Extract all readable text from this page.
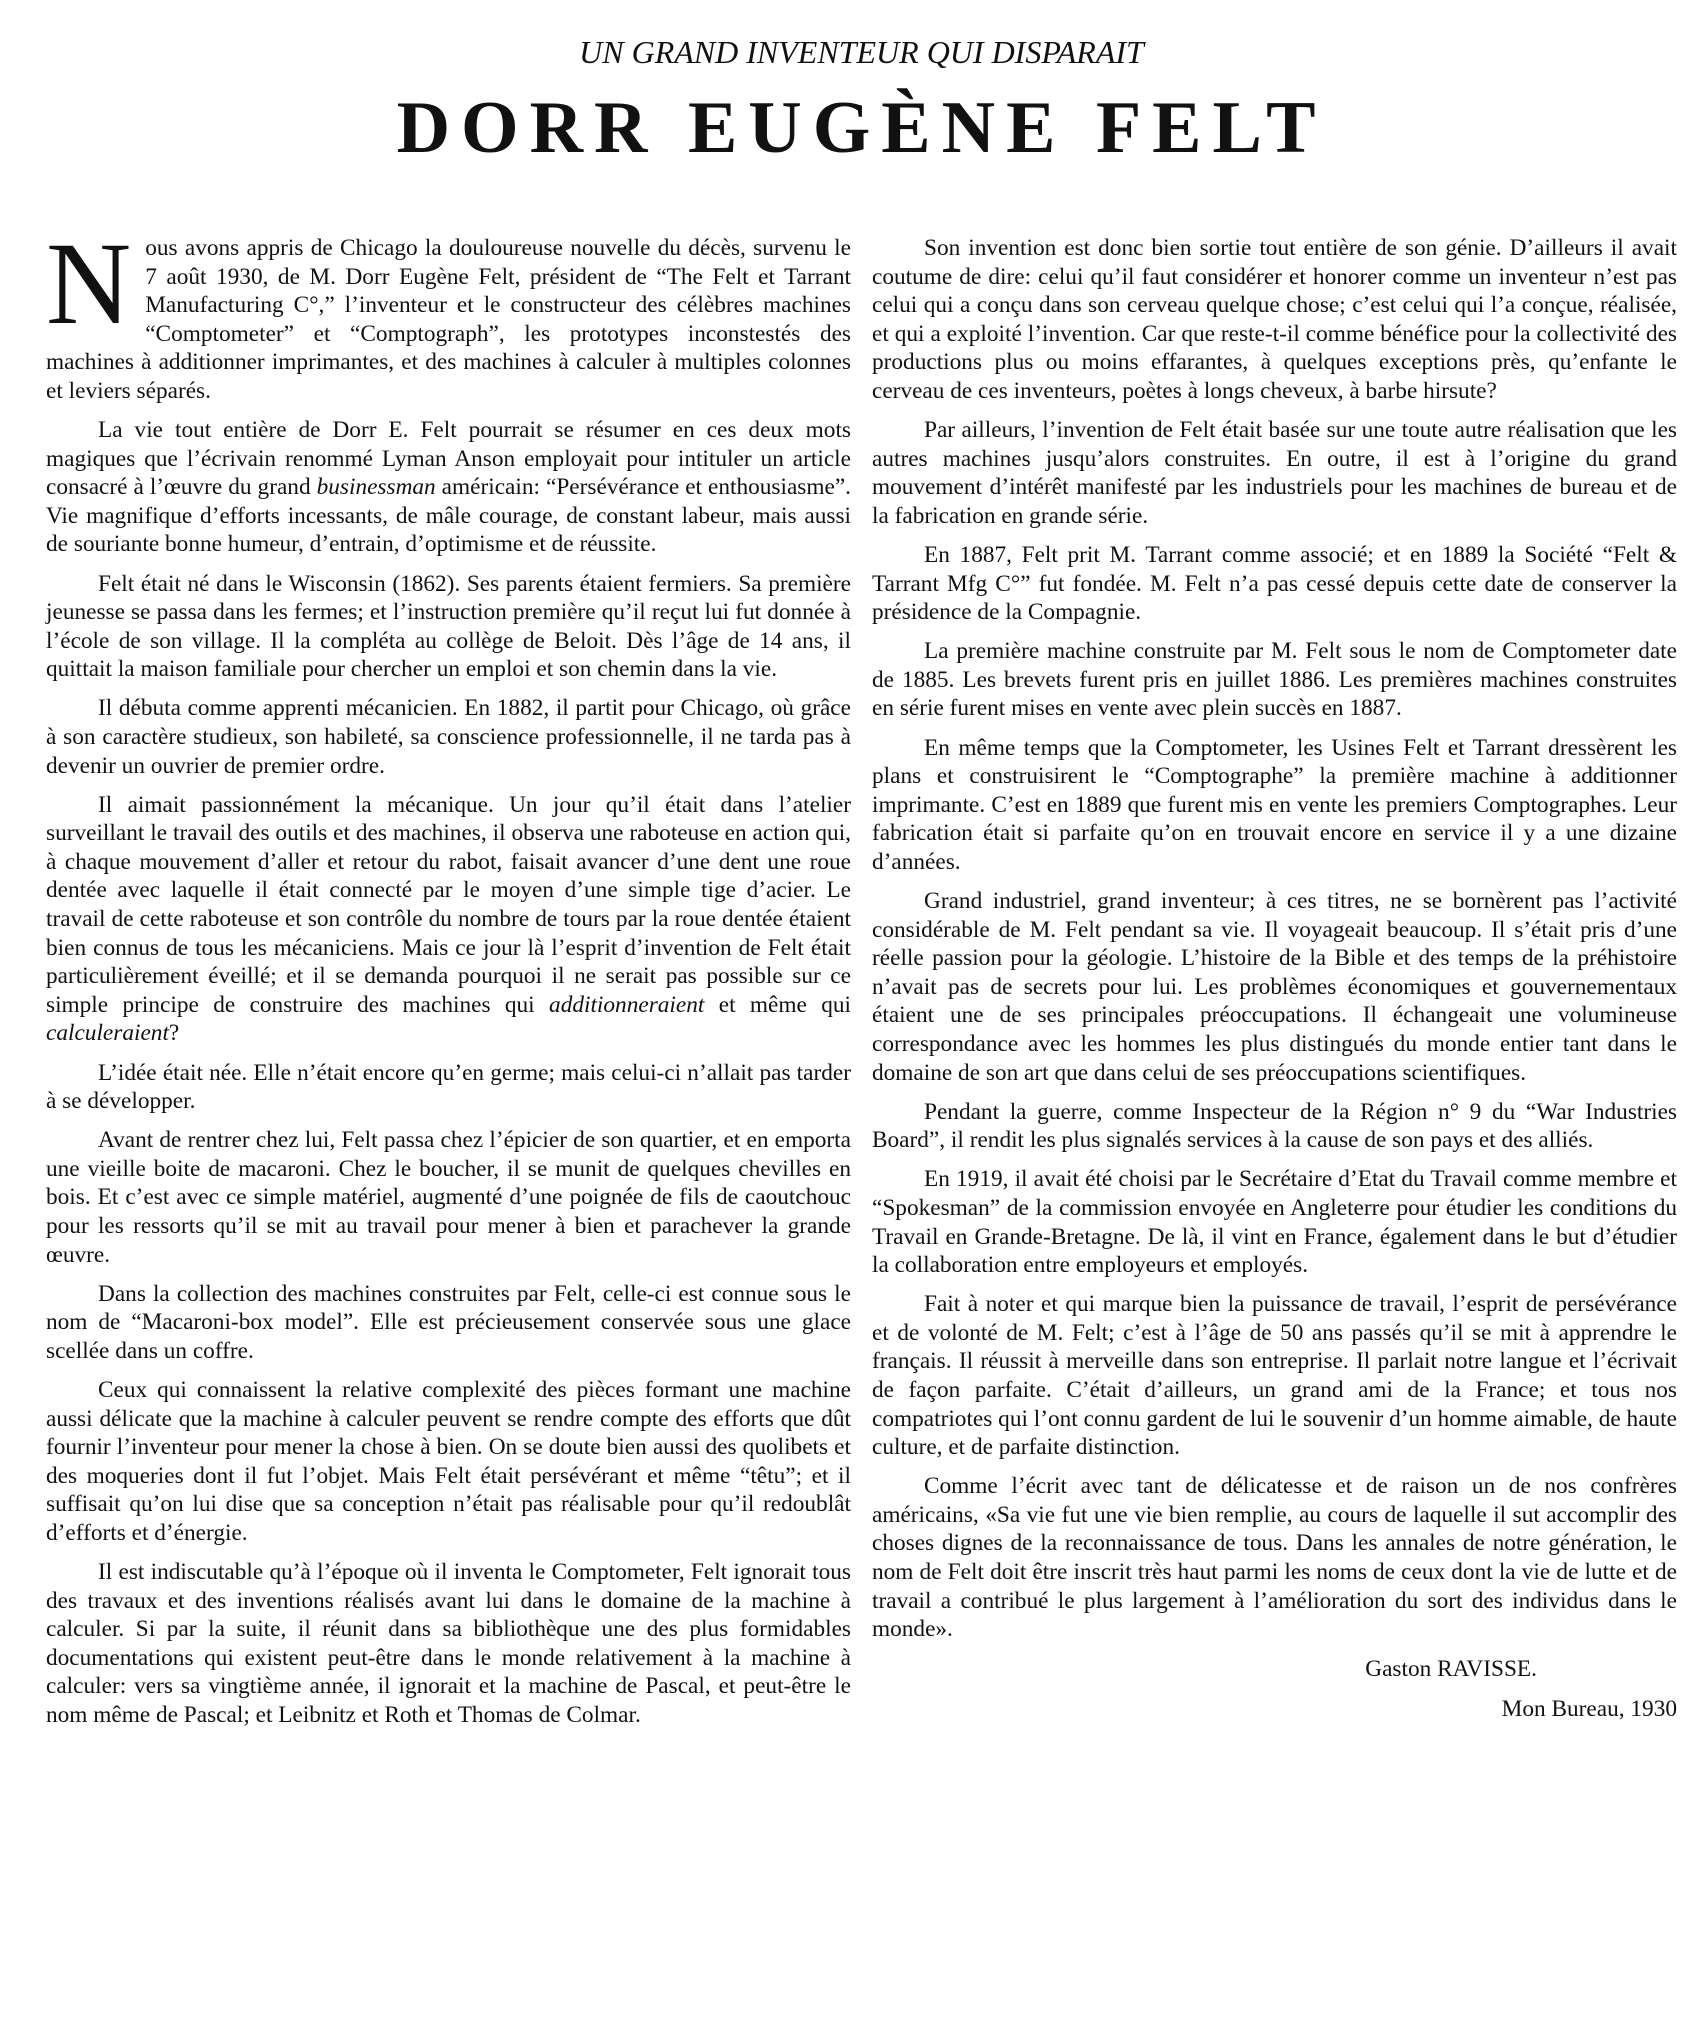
UN GRAND INVENTEUR QUI DISPARAIT
DORR EUGÈNE FELT

Nous avons appris de Chicago la douloureuse nouvelle du décès, survenu le 7 août 1930, de M. Dorr Eugène Felt, président de “The Felt et Tarrant Manufacturing C°,” l’inventeur et le constructeur des célèbres machines “Comptometer” et “Comptograph”, les prototypes inconstestés des machines à additionner imprimantes, et des machines à calculer à multiples colonnes et leviers séparés.

La vie tout entière de Dorr E. Felt pourrait se résumer en ces deux mots magiques que l’écrivain renommé Lyman Anson employait pour intituler un article consacré à l’œuvre du grand businessman américain: “Persévérance et enthousiasme”. Vie magnifique d’efforts incessants, de mâle courage, de constant labeur, mais aussi de souriante bonne humeur, d’entrain, d’optimisme et de réussite.

Felt était né dans le Wisconsin (1862). Ses parents étaient fermiers. Sa première jeunesse se passa dans les fermes; et l’instruction première qu’il reçut lui fut donnée à l’école de son village. Il la compléta au collège de Beloit. Dès l’âge de 14 ans, il quittait la maison familiale pour chercher un emploi et son chemin dans la vie.

Il débuta comme apprenti mécanicien. En 1882, il partit pour Chicago, où grâce à son caractère studieux, son habileté, sa conscience professionnelle, il ne tarda pas à devenir un ouvrier de premier ordre.

Il aimait passionnément la mécanique. Un jour qu’il était dans l’atelier surveillant le travail des outils et des machines, il observa une raboteuse en action qui, à chaque mouvement d’aller et retour du rabot, faisait avancer d’une dent une roue dentée avec laquelle il était connecté par le moyen d’une simple tige d’acier. Le travail de cette raboteuse et son contrôle du nombre de tours par la roue dentée étaient bien connus de tous les mécaniciens. Mais ce jour là l’esprit d’invention de Felt était particulièrement éveillé; et il se demanda pourquoi il ne serait pas possible sur ce simple principe de construire des machines qui additionneraient et même qui calculeraient?

L’idée était née. Elle n’était encore qu’en germe; mais celui-ci n’allait pas tarder à se développer.

Avant de rentrer chez lui, Felt passa chez l’épicier de son quartier, et en emporta une vieille boite de macaroni. Chez le boucher, il se munit de quelques chevilles en bois. Et c’est avec ce simple matériel, augmenté d’une poignée de fils de caoutchouc pour les ressorts qu’il se mit au travail pour mener à bien et parachever la grande œuvre.

Dans la collection des machines construites par Felt, celle-ci est connue sous le nom de “Macaroni-box model”. Elle est précieusement conservée sous une glace scellée dans un coffre.

Ceux qui connaissent la relative complexité des pièces formant une machine aussi délicate que la machine à calculer peuvent se rendre compte des efforts que dût fournir l’inventeur pour mener la chose à bien. On se doute bien aussi des quolibets et des moqueries dont il fut l’objet. Mais Felt était persévérant et même “têtu”; et il suffisait qu’on lui dise que sa conception n’était pas réalisable pour qu’il redoublât d’efforts et d’énergie.

Il est indiscutable qu’à l’époque où il inventa le Comptometer, Felt ignorait tous des travaux et des inventions réalisés avant lui dans le domaine de la machine à calculer. Si par la suite, il réunit dans sa bibliothèque une des plus formidables documentations qui existent peut-être dans le monde relativement à la machine à calculer: vers sa vingtième année, il ignorait et la machine de Pascal, et peut-être le nom même de Pascal; et Leibnitz et Roth et Thomas de Colmar.

Son invention est donc bien sortie tout entière de son génie. D’ailleurs il avait coutume de dire: celui qu’il faut considérer et honorer comme un inventeur n’est pas celui qui a conçu dans son cerveau quelque chose; c’est celui qui l’a conçue, réalisée, et qui a exploité l’invention. Car que reste-t-il comme bénéfice pour la collectivité des productions plus ou moins effarantes, à quelques exceptions près, qu’enfante le cerveau de ces inventeurs, poètes à longs cheveux, à barbe hirsute?

Par ailleurs, l’invention de Felt était basée sur une toute autre réalisation que les autres machines jusqu’alors construites. En outre, il est à l’origine du grand mouvement d’intérêt manifesté par les industriels pour les machines de bureau et de la fabrication en grande série.

En 1887, Felt prit M. Tarrant comme associé; et en 1889 la Société “Felt & Tarrant Mfg C°” fut fondée. M. Felt n’a pas cessé depuis cette date de conserver la présidence de la Compagnie.

La première machine construite par M. Felt sous le nom de Comptometer date de 1885. Les brevets furent pris en juillet 1886. Les premières machines construites en série furent mises en vente avec plein succès en 1887.

En même temps que la Comptometer, les Usines Felt et Tarrant dressèrent les plans et construisirent le “Comptographe” la première machine à additionner imprimante. C’est en 1889 que furent mis en vente les premiers Comptographes. Leur fabrication était si parfaite qu’on en trouvait encore en service il y a une dizaine d’années.

Grand industriel, grand inventeur; à ces titres, ne se bornèrent pas l’activité considérable de M. Felt pendant sa vie. Il voyageait beaucoup. Il s’était pris d’une réelle passion pour la géologie. L’histoire de la Bible et des temps de la préhistoire n’avait pas de secrets pour lui. Les problèmes économiques et gouvernementaux étaient une de ses principales préoccupations. Il échangeait une volumineuse correspondance avec les hommes les plus distingués du monde entier tant dans le domaine de son art que dans celui de ses préoccupations scientifiques.

Pendant la guerre, comme Inspecteur de la Région n° 9 du “War Industries Board”, il rendit les plus signalés services à la cause de son pays et des alliés.

En 1919, il avait été choisi par le Secrétaire d’Etat du Travail comme membre et “Spokesman” de la commission envoyée en Angleterre pour étudier les conditions du Travail en Grande-Bretagne. De là, il vint en France, également dans le but d’étudier la collaboration entre employeurs et employés.

Fait à noter et qui marque bien la puissance de travail, l’esprit de persévérance et de volonté de M. Felt; c’est à l’âge de 50 ans passés qu’il se mit à apprendre le français. Il réussit à merveille dans son entreprise. Il parlait notre langue et l’écrivait de façon parfaite. C’était d’ailleurs, un grand ami de la France; et tous nos compatriotes qui l’ont connu gardent de lui le souvenir d’un homme aimable, de haute culture, et de parfaite distinction.

Comme l’écrit avec tant de délicatesse et de raison un de nos confrères américains, «Sa vie fut une vie bien remplie, au cours de laquelle il sut accomplir des choses dignes de la reconnaissance de tous. Dans les annales de notre génération, le nom de Felt doit être inscrit très haut parmi les noms de ceux dont la vie de lutte et de travail a contribué le plus largement à l’amélioration du sort des individus dans le monde».

Gaston RAVISSE.
Mon Bureau, 1930
